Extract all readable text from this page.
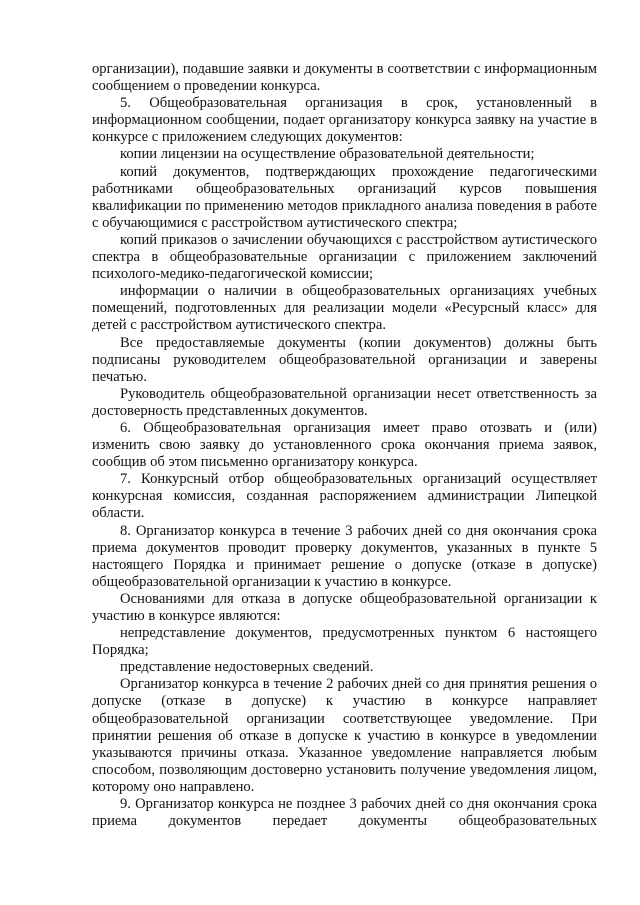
организации), подавшие заявки и документы в соответствии с информационным сообщением о проведении конкурса.

5. Общеобразовательная организация в срок, установленный в информационном сообщении, подает организатору конкурса заявку на участие в конкурсе с приложением следующих документов:

копии лицензии на осуществление образовательной деятельности;

копий документов, подтверждающих прохождение педагогическими работниками общеобразовательных организаций курсов повышения квалификации по применению методов прикладного анализа поведения в работе с обучающимися с расстройством аутистического спектра;

копий приказов о зачислении обучающихся с расстройством аутистического спектра в общеобразовательные организации с приложением заключений психолого-медико-педагогической комиссии;

информации о наличии в общеобразовательных организациях учебных помещений, подготовленных для реализации модели «Ресурсный класс» для детей с расстройством аутистического спектра.

Все предоставляемые документы (копии документов) должны быть подписаны руководителем общеобразовательной организации и заверены печатью.

Руководитель общеобразовательной организации несет ответственность за достоверность представленных документов.

6. Общеобразовательная организация имеет право отозвать и (или) изменить свою заявку до установленного срока окончания приема заявок, сообщив об этом письменно организатору конкурса.

7. Конкурсный отбор общеобразовательных организаций осуществляет конкурсная комиссия, созданная распоряжением администрации Липецкой области.

8. Организатор конкурса в течение 3 рабочих дней со дня окончания срока приема документов проводит проверку документов, указанных в пункте 5 настоящего Порядка и принимает решение о допуске (отказе в допуске) общеобразовательной организации к участию в конкурсе.

Основаниями для отказа в допуске общеобразовательной организации к участию в конкурсе являются:

непредставление документов, предусмотренных пунктом 6 настоящего Порядка;

представление недостоверных сведений.

Организатор конкурса в течение 2 рабочих дней со дня принятия решения о допуске (отказе в допуске) к участию в конкурсе направляет общеобразовательной организации соответствующее уведомление. При принятии решения об отказе в допуске к участию в конкурсе в уведомлении указываются причины отказа. Указанное уведомление направляется любым способом, позволяющим достоверно установить получение уведомления лицом, которому оно направлено.

9. Организатор конкурса не позднее 3 рабочих дней со дня окончания срока приема документов передает документы общеобразовательных
